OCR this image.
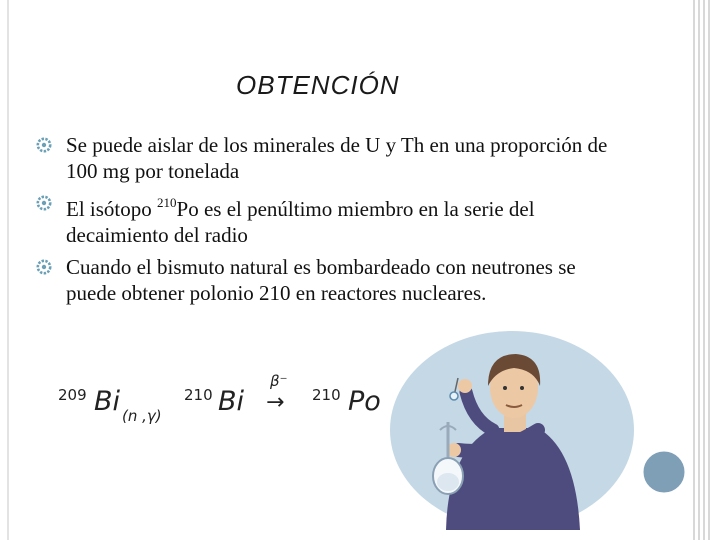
OBTENCIÓN
Se puede aislar de los minerales de U y Th en una proporción de 100 mg por tonelada
El isótopo $^{210}$Po es el penúltimo miembro en la serie del decaimiento del radio
Cuando el bismuto natural es bombardeado con neutrones se puede obtener polonio 210 en reactores nucleares.
209 Bi (n ,γ)
210 Bi
β⁻
→ 210 Po
